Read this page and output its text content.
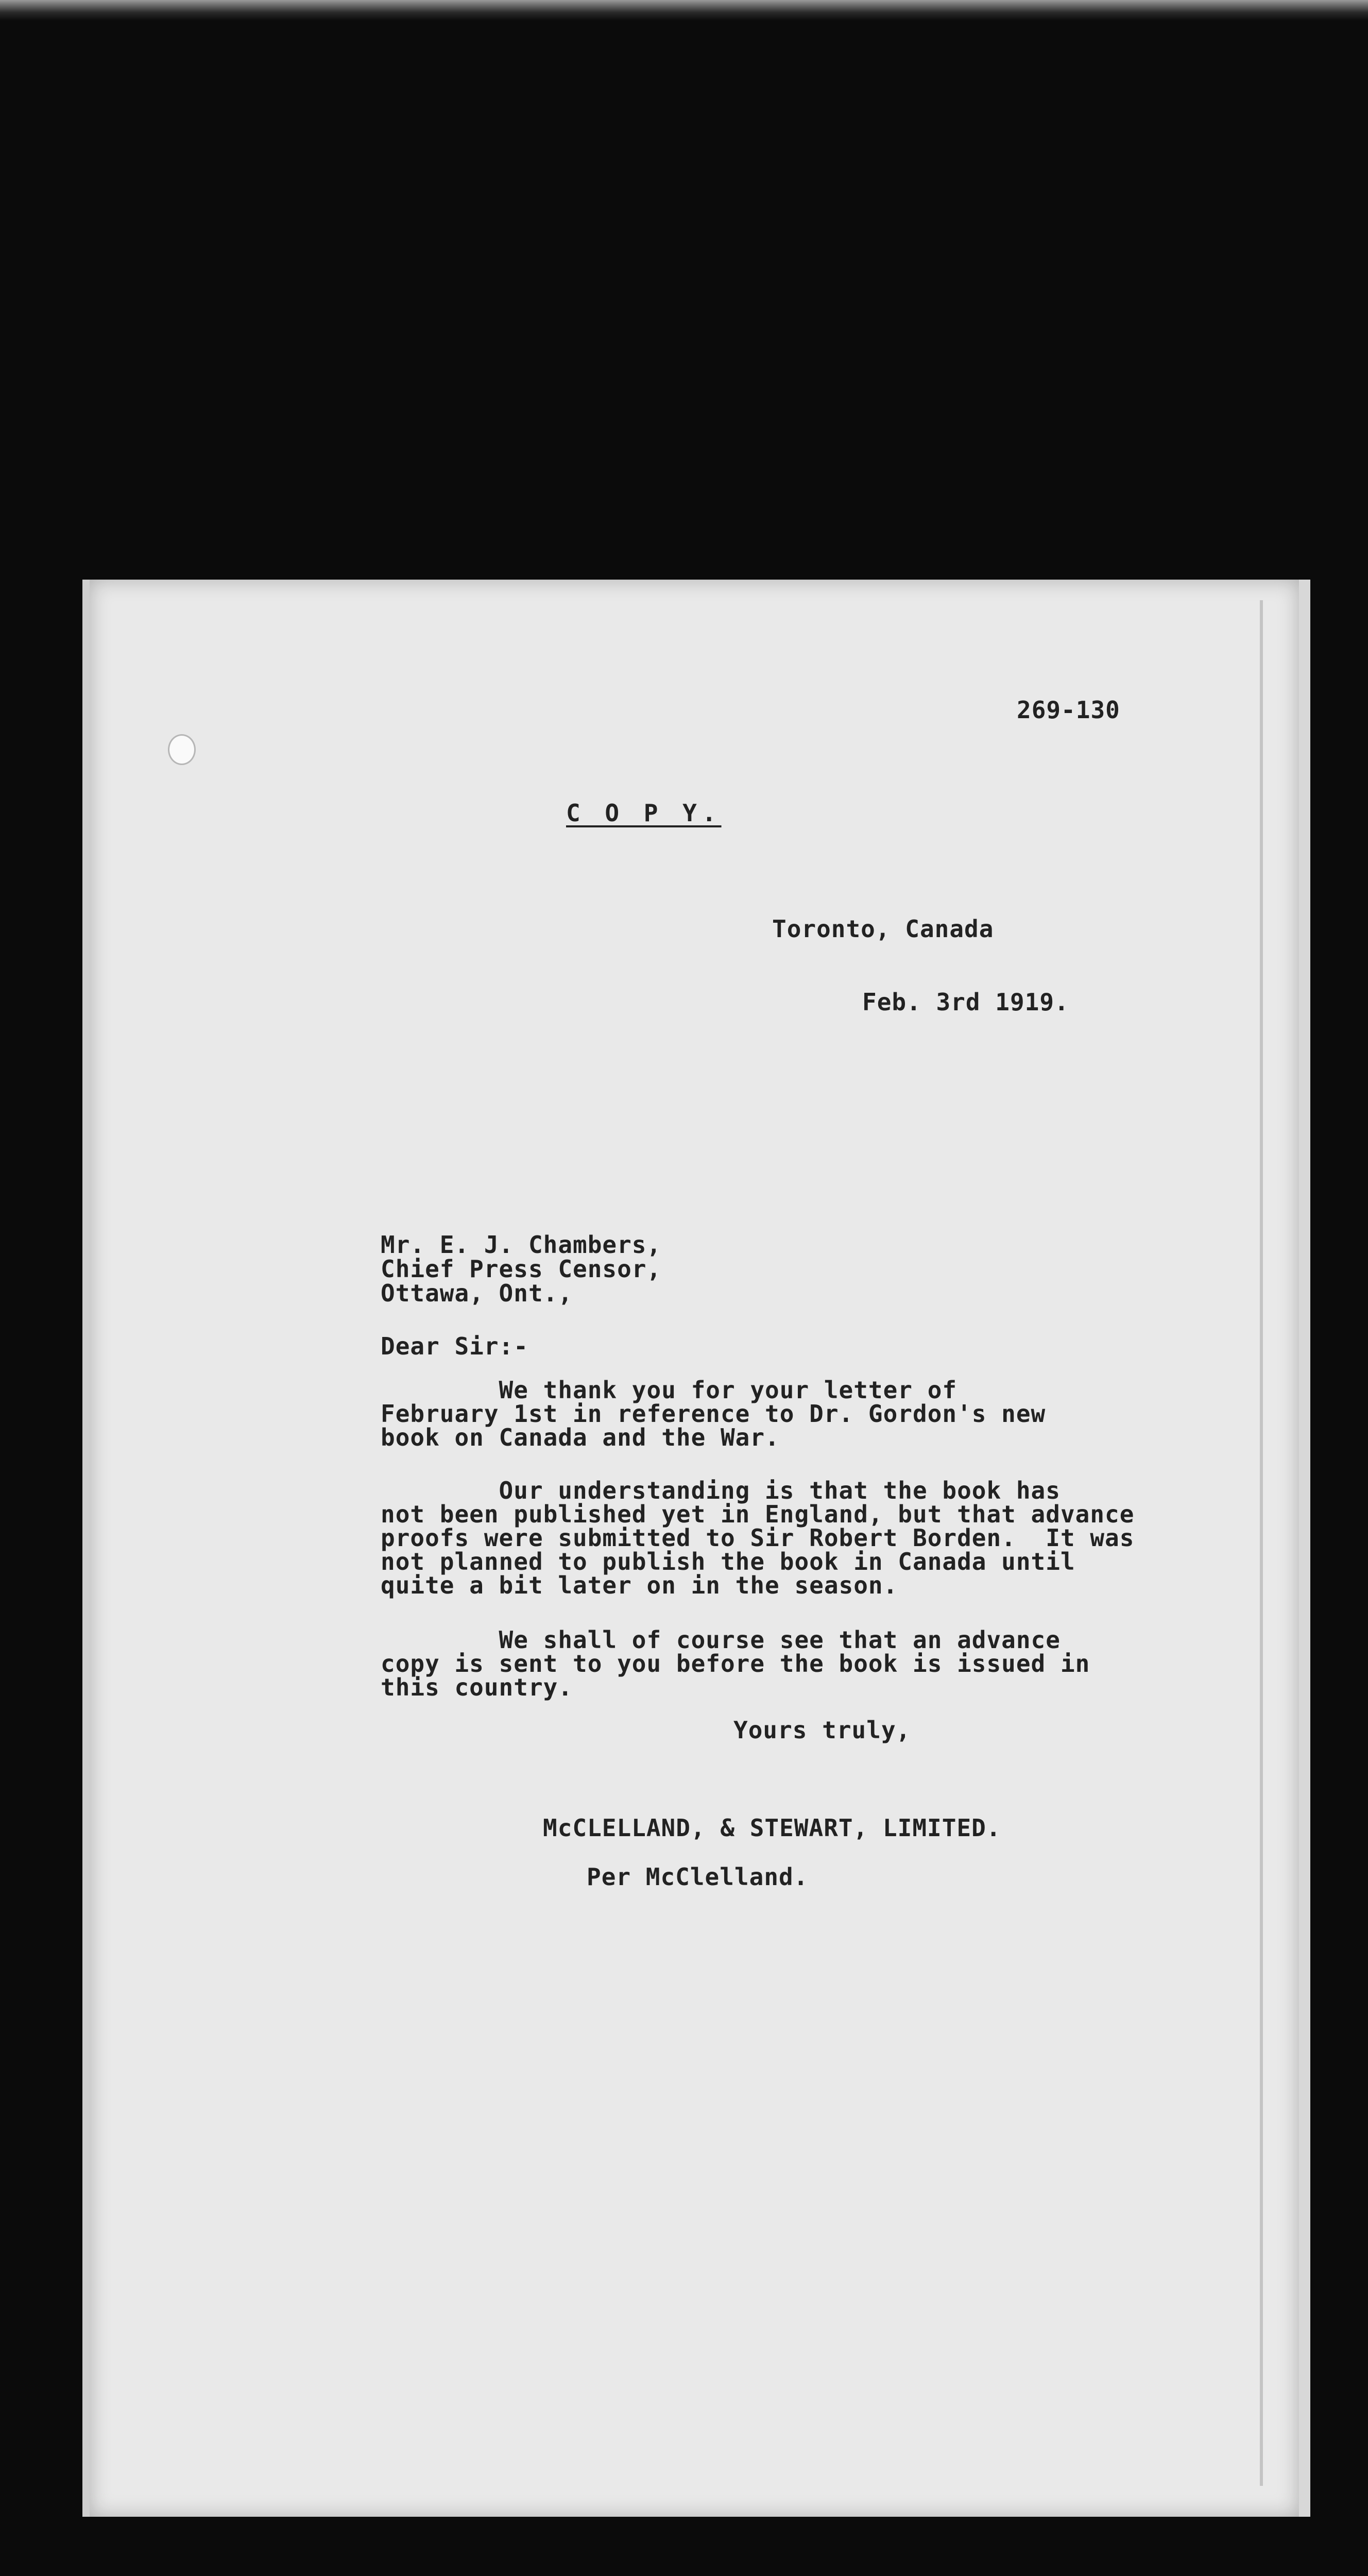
269-130
C O P Y.
Toronto, Canada
Feb. 3rd 1919.
Mr. E. J. Chambers,
Chief Press Censor,
Ottawa, Ont.,
Dear Sir:-
We thank you for your letter of
February 1st in reference to Dr. Gordon's new
book on Canada and the War.
Our understanding is that the book has
not been published yet in England, but that advance
proofs were submitted to Sir Robert Borden.  It was
not planned to publish the book in Canada until
quite a bit later on in the season.
We shall of course see that an advance
copy is sent to you before the book is issued in
this country.
Yours truly,
McCLELLAND, & STEWART, LIMITED.
Per McClelland.
